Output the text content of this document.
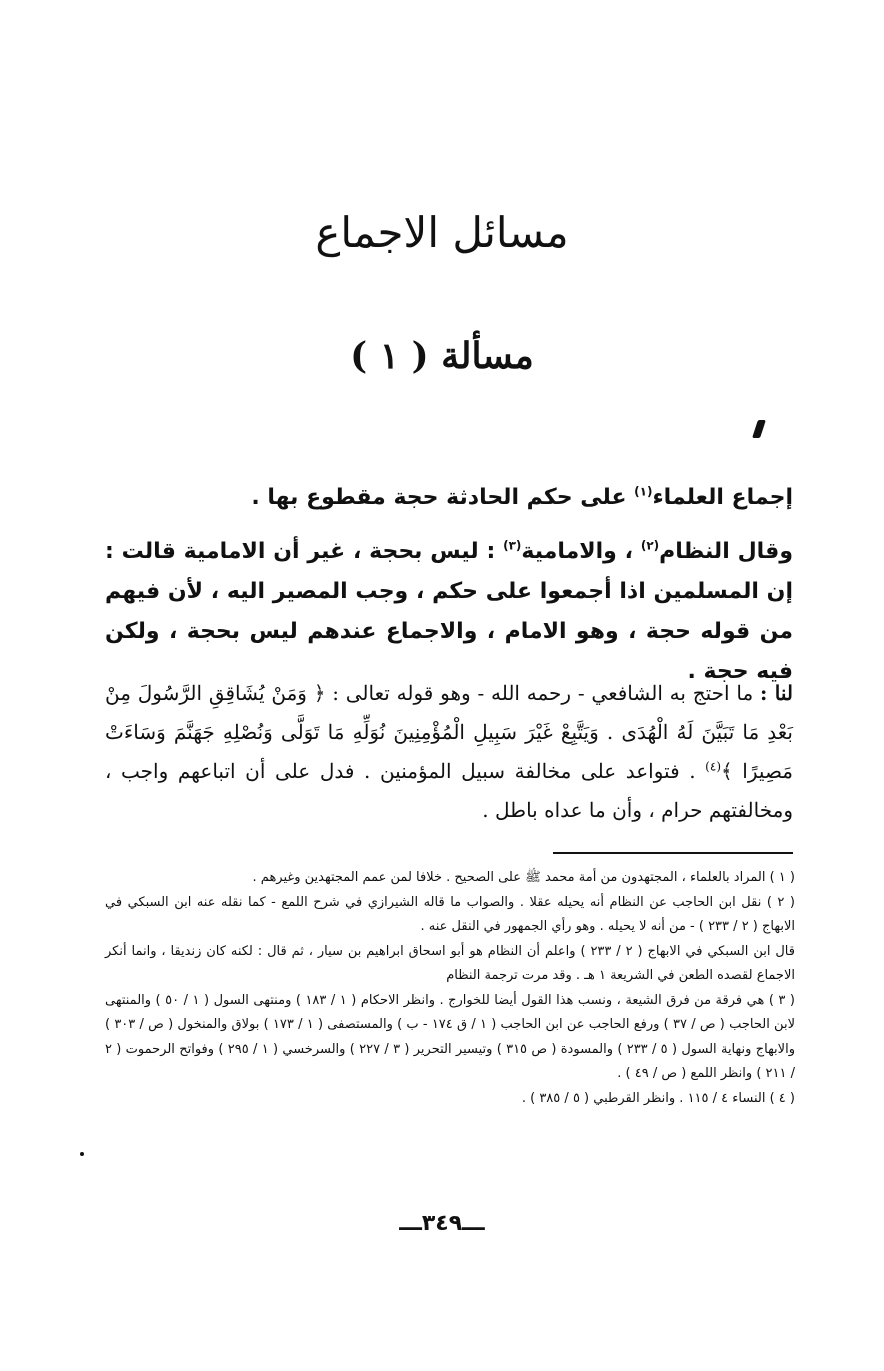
مسائل الاجماع
مسألة ( ١ )

إجماع العلماء$^{(١)}$ على حكم الحادثة حجة مقطوع بها .

وقال النظام$^{(٢)}$ ، والامامية$^{(٣)}$ : ليس بحجة ، غير أن الامامية قالت : إن المسلمين اذا أجمعوا على حكم ، وجب المصير اليه ، لأن فيهم من قوله حجة ، وهو الامام ، والاجماع عندهم ليس بحجة ، ولكن فيه حجة .

لنا : ما احتج به الشافعي - رحمه الله - وهو قوله تعالى : ﴿ وَمَنْ يُشَاقِقِ الرَّسُولَ مِنْ بَعْدِ مَا تَبَيَّنَ لَهُ الْهُدَى . وَيَتَّبِعْ غَيْرَ سَبِيلِ الْمُؤْمِنِينَ نُوَلِّهِ مَا تَوَلَّى وَنُصْلِهِ جَهَنَّمَ وَسَاءَتْ مَصِيرًا ﴾$^{(٤)}$ . فتواعد على مخالفة سبيل المؤمنين . فدل على أن اتباعهم واجب ، ومخالفتهم حرام ، وأن ما عداه باطل .

( ١ ) المراد بالعلماء ، المجتهدون من أمة محمد ﷺ على الصحيح . خلافا لمن عمم المجتهدين وغيرهم .

( ٢ ) نقل ابن الحاجب عن النظام أنه يحيله عقلا . والصواب ما قاله الشيرازي في شرح اللمع - كما نقله عنه ابن السبكي في الابهاج ( ٢ / ٢٣٣ ) - من أنه لا يحيله . وهو رأي الجمهور في النقل عنه .

قال ابن السبكي في الابهاج ( ٢ / ٢٣٣ ) واعلم أن النظام هو أبو اسحاق ابراهيم بن سيار ، ثم قال : لكنه كان زنديقا ، وانما أنكر الاجماع لقصده الطعن في الشريعة ١ هـ . وقد مرت ترجمة النظام

( ٣ ) هي فرقة من فرق الشيعة ، ونسب هذا القول أيضا للخوارج . وانظر الاحكام ( ١ / ١٨٣ ) ومنتهى السول ( ١ / ٥٠ ) والمنتهى لابن الحاجب ( ص / ٣٧ ) ورفع الحاجب عن ابن الحاجب ( ١ / ق ١٧٤ - ب ) والمستصفى ( ١ / ١٧٣ ) بولاق والمنخول ( ص / ٣٠٣ ) والابهاج ونهاية السول ( ٥ / ٢٣٣ ) والمسودة ( ص ٣١٥ ) وتيسير التحرير ( ٣ / ٢٢٧ ) والسرخسي ( ١ / ٢٩٥ ) وفواتح الرحموت ( ٢ / ٢١١ ) وانظر اللمع ( ص / ٤٩ ) .

( ٤ ) النساء ٤ / ١١٥ . وانظر القرطبي ( ٥ / ٣٨٥ ) .

ـــ٣٤٩ـــ
